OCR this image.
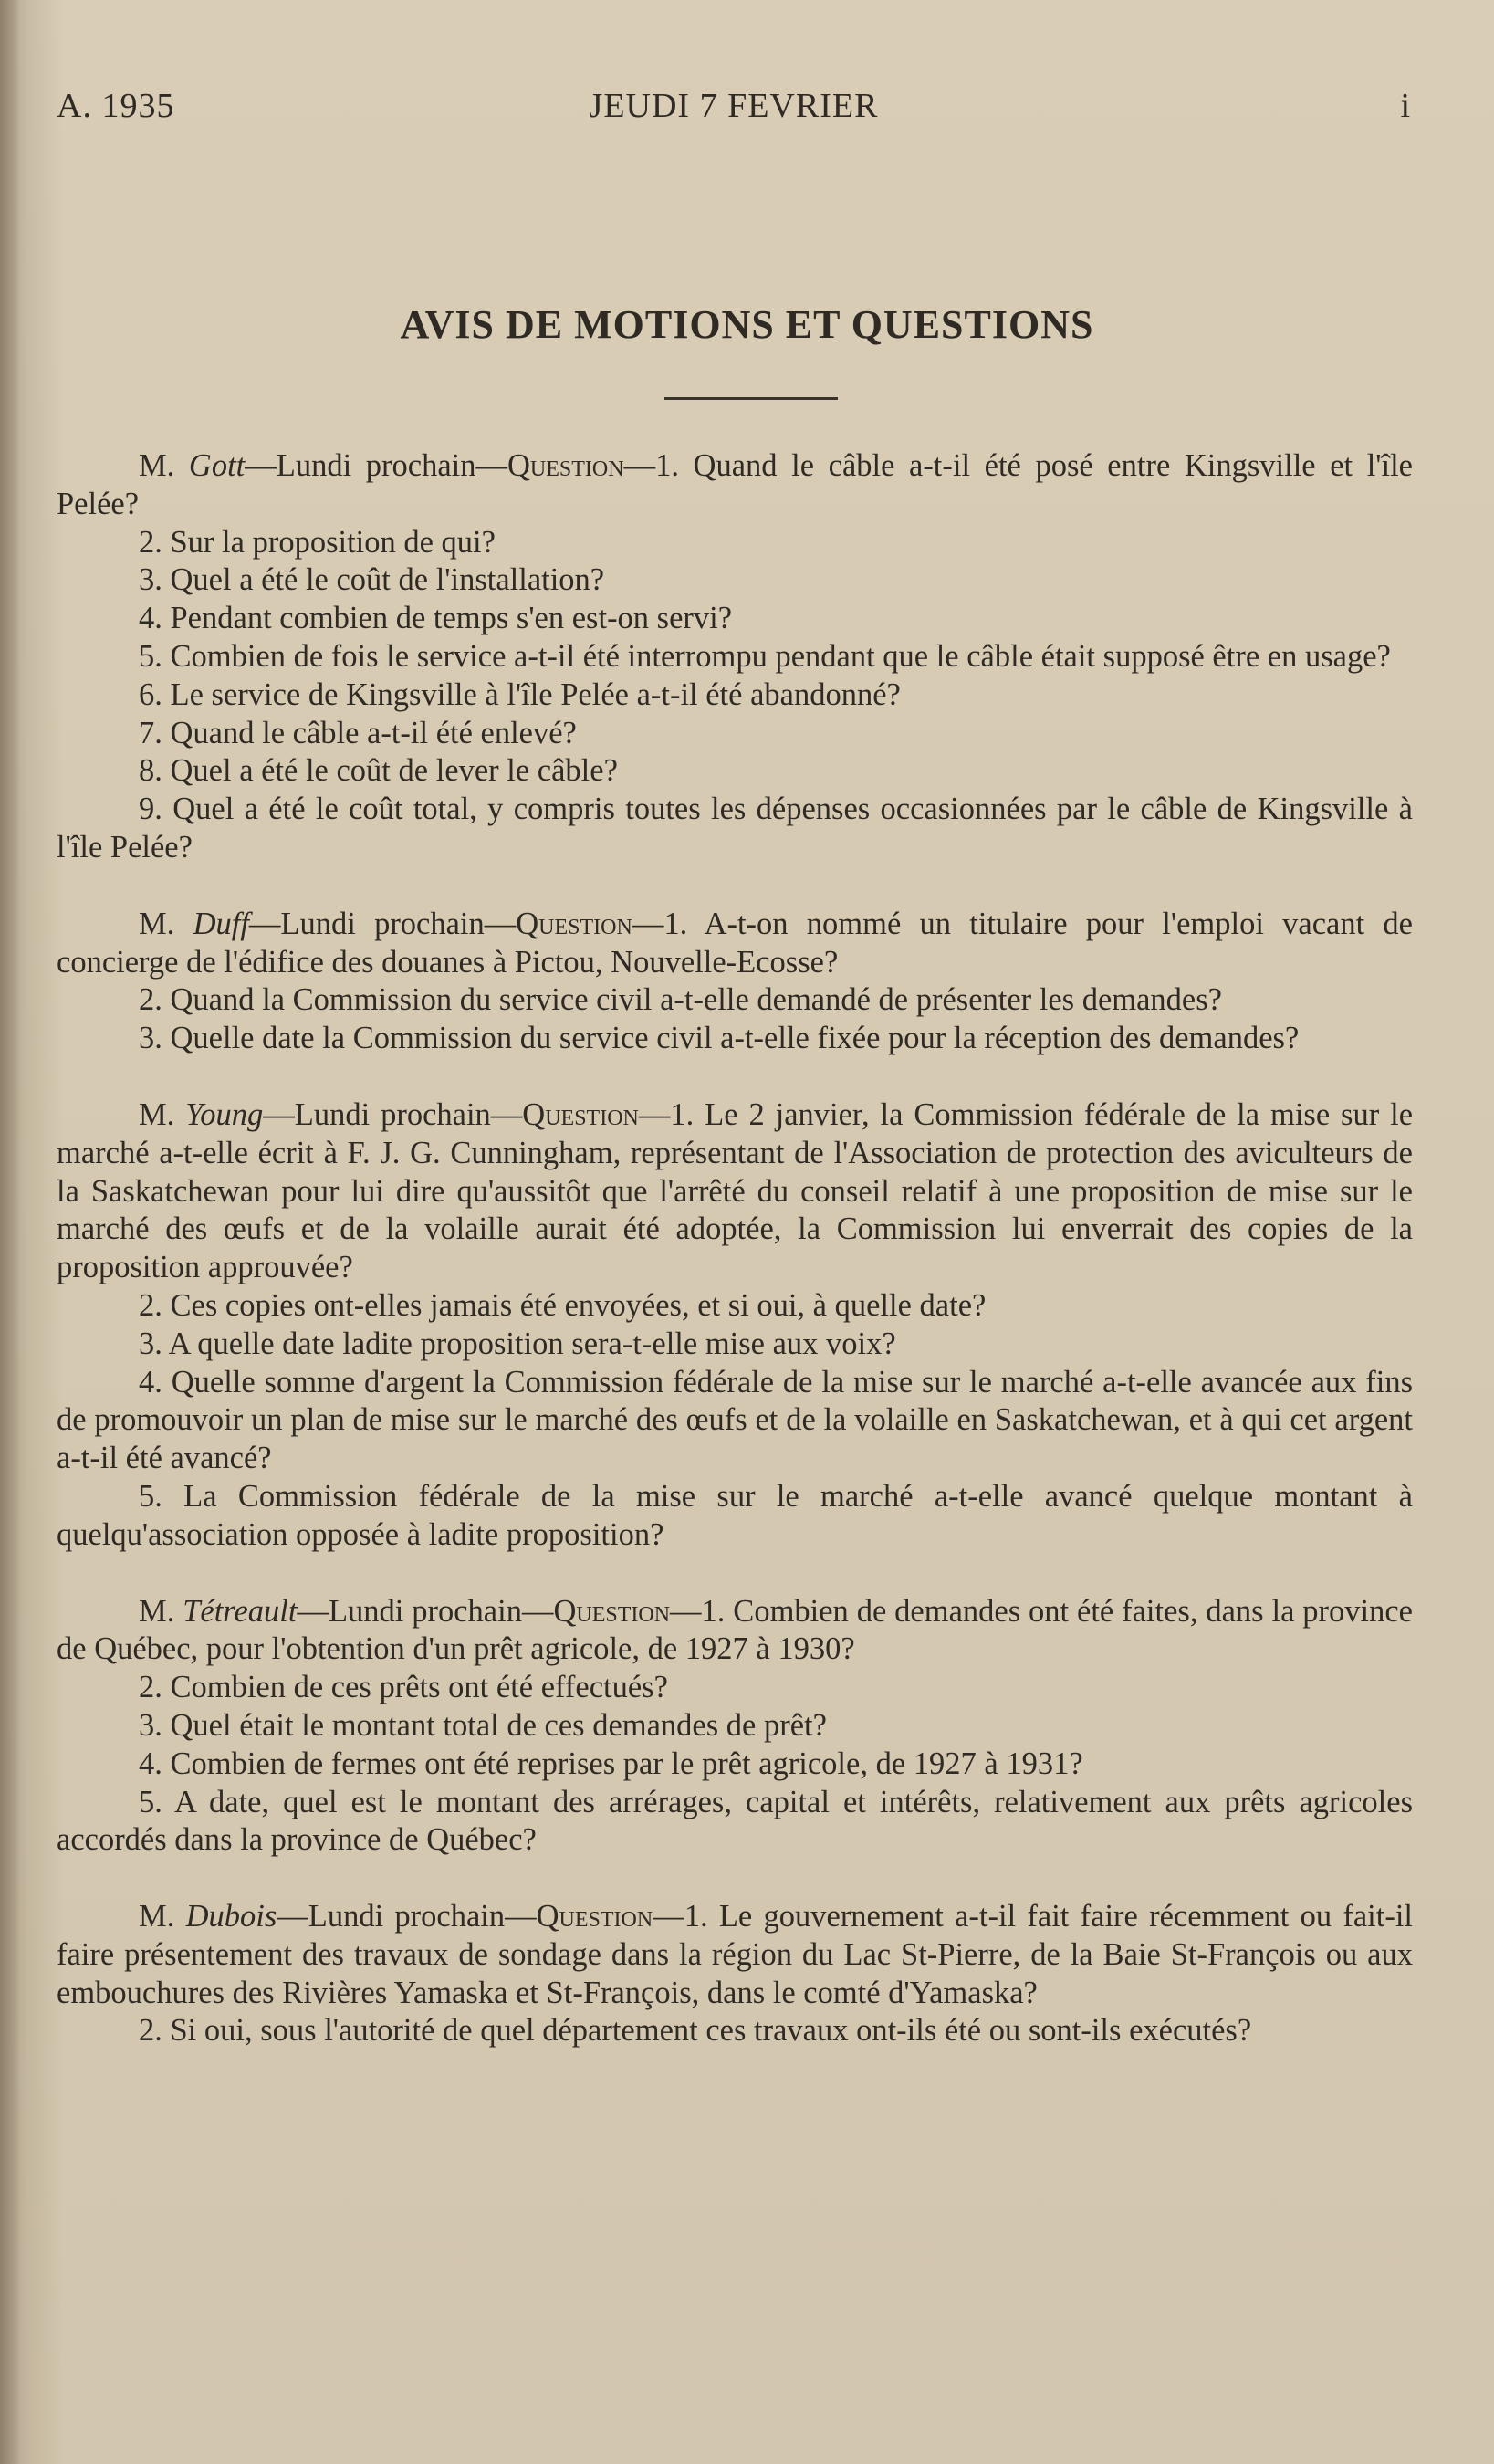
A. 1935	JEUDI 7 FEVRIER	i
AVIS DE MOTIONS ET QUESTIONS

M. Gott—Lundi prochain—Question—1. Quand le câble a-t-il été posé entre Kingsville et l'île Pelée?

2. Sur la proposition de qui?

3. Quel a été le coût de l'installation?

4. Pendant combien de temps s'en est-on servi?

5. Combien de fois le service a-t-il été interrompu pendant que le câble était supposé être en usage?

6. Le service de Kingsville à l'île Pelée a-t-il été abandonné?

7. Quand le câble a-t-il été enlevé?

8. Quel a été le coût de lever le câble?

9. Quel a été le coût total, y compris toutes les dépenses occasionnées par le câble de Kingsville à l'île Pelée?

M. Duff—Lundi prochain—Question—1. A-t-on nommé un titulaire pour l'emploi vacant de concierge de l'édifice des douanes à Pictou, Nouvelle-Ecosse?

2. Quand la Commission du service civil a-t-elle demandé de présenter les demandes?

3. Quelle date la Commission du service civil a-t-elle fixée pour la réception des demandes?

M. Young—Lundi prochain—Question—1. Le 2 janvier, la Commission fédérale de la mise sur le marché a-t-elle écrit à F. J. G. Cunningham, représentant de l'Association de protection des aviculteurs de la Saskatchewan pour lui dire qu'aussitôt que l'arrêté du conseil relatif à une proposition de mise sur le marché des œufs et de la volaille aurait été adoptée, la Commission lui enverrait des copies de la proposition approuvée?

2. Ces copies ont-elles jamais été envoyées, et si oui, à quelle date?

3. A quelle date ladite proposition sera-t-elle mise aux voix?

4. Quelle somme d'argent la Commission fédérale de la mise sur le marché a-t-elle avancée aux fins de promouvoir un plan de mise sur le marché des œufs et de la volaille en Saskatchewan, et à qui cet argent a-t-il été avancé?

5. La Commission fédérale de la mise sur le marché a-t-elle avancé quelque montant à quelqu'association opposée à ladite proposition?

M. Tétreault—Lundi prochain—Question—1. Combien de demandes ont été faites, dans la province de Québec, pour l'obtention d'un prêt agricole, de 1927 à 1930?

2. Combien de ces prêts ont été effectués?

3. Quel était le montant total de ces demandes de prêt?

4. Combien de fermes ont été reprises par le prêt agricole, de 1927 à 1931?

5. A date, quel est le montant des arrérages, capital et intérêts, relativement aux prêts agricoles accordés dans la province de Québec?

M. Dubois—Lundi prochain—Question—1. Le gouvernement a-t-il fait faire récemment ou fait-il faire présentement des travaux de sondage dans la région du Lac St-Pierre, de la Baie St-François ou aux embouchures des Rivières Yamaska et St-François, dans le comté d'Yamaska?

2. Si oui, sous l'autorité de quel département ces travaux ont-ils été ou sont-ils exécutés?
